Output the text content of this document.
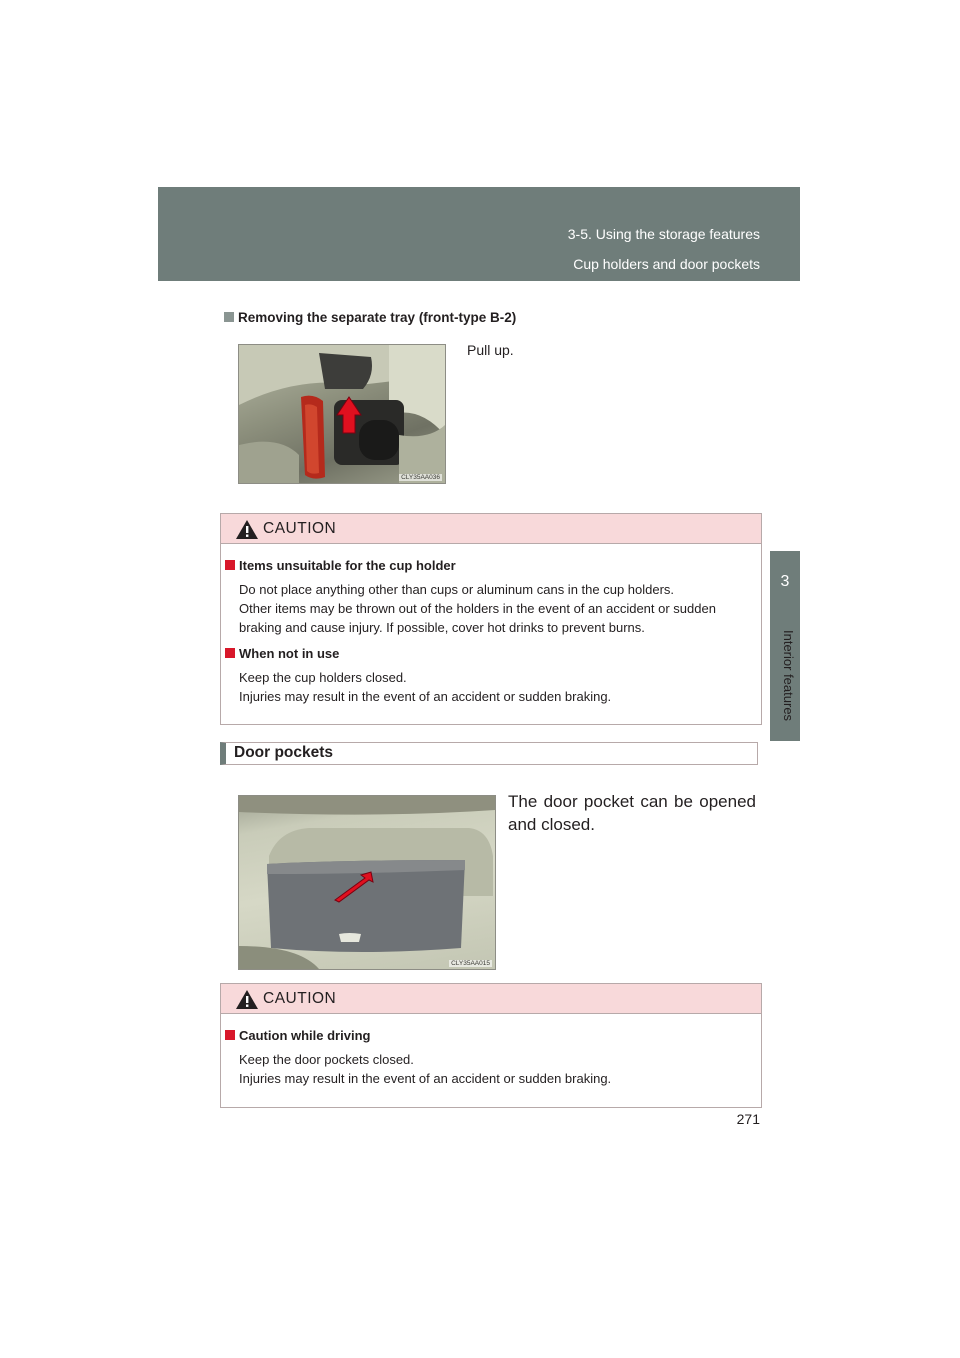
3-5. Using the storage features
Cup holders and door pockets
3
Interior features
Removing the separate tray (front-type B-2)
CLY35AA036
Pull up.
CAUTION
Items unsuitable for the cup holder
Do not place anything other than cups or aluminum cans in the cup holders.
Other items may be thrown out of the holders in the event of an accident or sudden
braking and cause injury. If possible, cover hot drinks to prevent burns.
When not in use
Keep the cup holders closed.
Injuries may result in the event of an accident or sudden braking.
Door pockets
CLY35AA015
The door pocket can be opened and closed.
CAUTION
Caution while driving
Keep the door pockets closed.
Injuries may result in the event of an accident or sudden braking.
271
